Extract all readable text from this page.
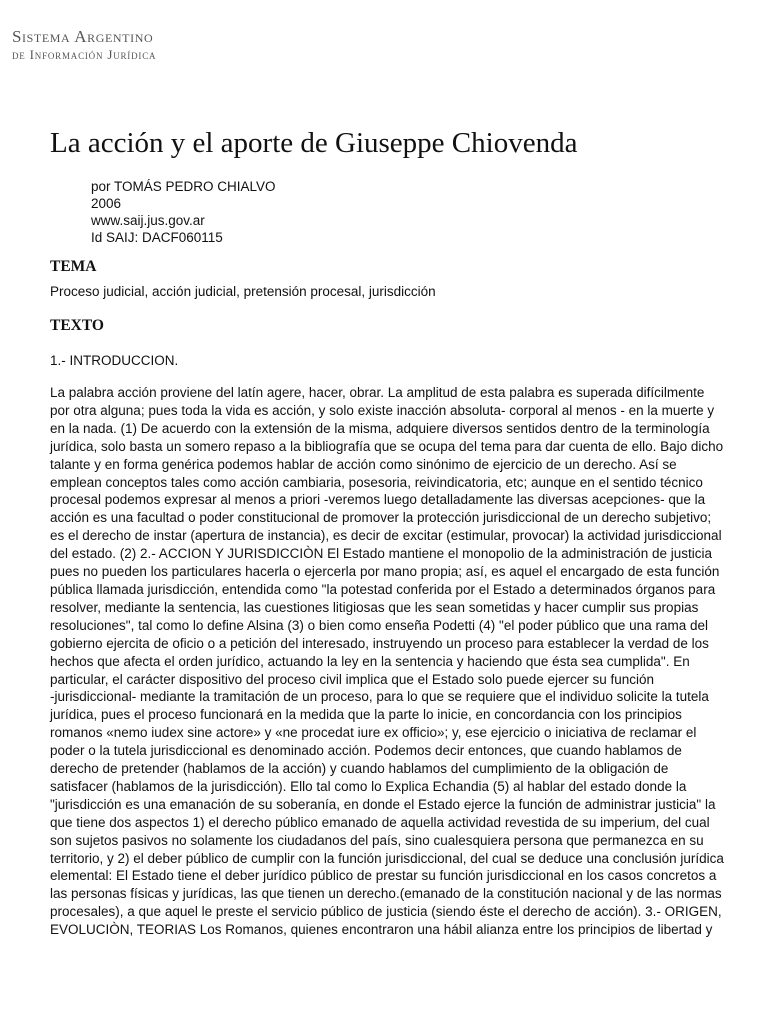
Sistema Argentino
de Información Jurídica
La acción y el aporte de Giuseppe Chiovenda
por TOMÁS PEDRO CHIALVO
2006
www.saij.jus.gov.ar
Id SAIJ: DACF060115
TEMA
Proceso judicial, acción judicial, pretensión procesal, jurisdicción
TEXTO
1.- INTRODUCCION.
La palabra acción proviene del latín agere, hacer, obrar. La amplitud de esta palabra es superada difícilmente
por otra alguna; pues toda la vida es acción, y solo existe inacción absoluta- corporal al menos - en la muerte y
en la nada. (1) De acuerdo con la extensión de la misma, adquiere diversos sentidos dentro de la terminología
jurídica, solo basta un somero repaso a la bibliografía que se ocupa del tema para dar cuenta de ello. Bajo dicho
talante y en forma genérica podemos hablar de acción como sinónimo de ejercicio de un derecho. Así se
emplean conceptos tales como acción cambiaria, posesoria, reivindicatoria, etc; aunque en el sentido técnico
procesal podemos expresar al menos a priori -veremos luego detalladamente las diversas acepciones- que la
acción es una facultad o poder constitucional de promover la protección jurisdiccional de un derecho subjetivo;
es el derecho de instar (apertura de instancia), es decir de excitar (estimular, provocar) la actividad jurisdiccional
del estado. (2) 2.- ACCION Y JURISDICCIÒN El Estado mantiene el monopolio de la administración de justicia
pues no pueden los particulares hacerla o ejercerla por mano propia; así, es aquel el encargado de esta función
pública llamada jurisdicción, entendida como "la potestad conferida por el Estado a determinados órganos para
resolver, mediante la sentencia, las cuestiones litigiosas que les sean sometidas y hacer cumplir sus propias
resoluciones", tal como lo define Alsina (3) o bien como enseña Podetti (4) "el poder público que una rama del
gobierno ejercita de oficio o a petición del interesado, instruyendo un proceso para establecer la verdad de los
hechos que afecta el orden jurídico, actuando la ley en la sentencia y haciendo que ésta sea cumplida". En
particular, el carácter dispositivo del proceso civil implica que el Estado solo puede ejercer su función
-jurisdiccional- mediante la tramitación de un proceso, para lo que se requiere que el individuo solicite la tutela
jurídica, pues el proceso funcionará en la medida que la parte lo inicie, en concordancia con los principios
romanos «nemo iudex sine actore» y «ne procedat iure ex officio»; y, ese ejercicio o iniciativa de reclamar el
poder o la tutela jurisdiccional es denominado acción. Podemos decir entonces, que cuando hablamos de
derecho de pretender (hablamos de la acción) y cuando hablamos del cumplimiento de la obligación de
satisfacer (hablamos de la jurisdicción). Ello tal como lo Explica Echandia (5) al hablar del estado donde la
"jurisdicción es una emanación de su soberanía, en donde el Estado ejerce la función de administrar justicia" la
que tiene dos aspectos 1) el derecho público emanado de aquella actividad revestida de su imperium, del cual
son sujetos pasivos no solamente los ciudadanos del país, sino cualesquiera persona que permanezca en su
territorio, y 2) el deber público de cumplir con la función jurisdiccional, del cual se deduce una conclusión jurídica
elemental: El Estado tiene el deber jurídico público de prestar su función jurisdiccional en los casos concretos a
las personas físicas y jurídicas, las que tienen un derecho.(emanado de la constitución nacional y de las normas
procesales), a que aquel le preste el servicio público de justicia (siendo éste el derecho de acción). 3.- ORIGEN,
EVOLUCIÒN, TEORIAS Los Romanos, quienes encontraron una hábil alianza entre los principios de libertad y
